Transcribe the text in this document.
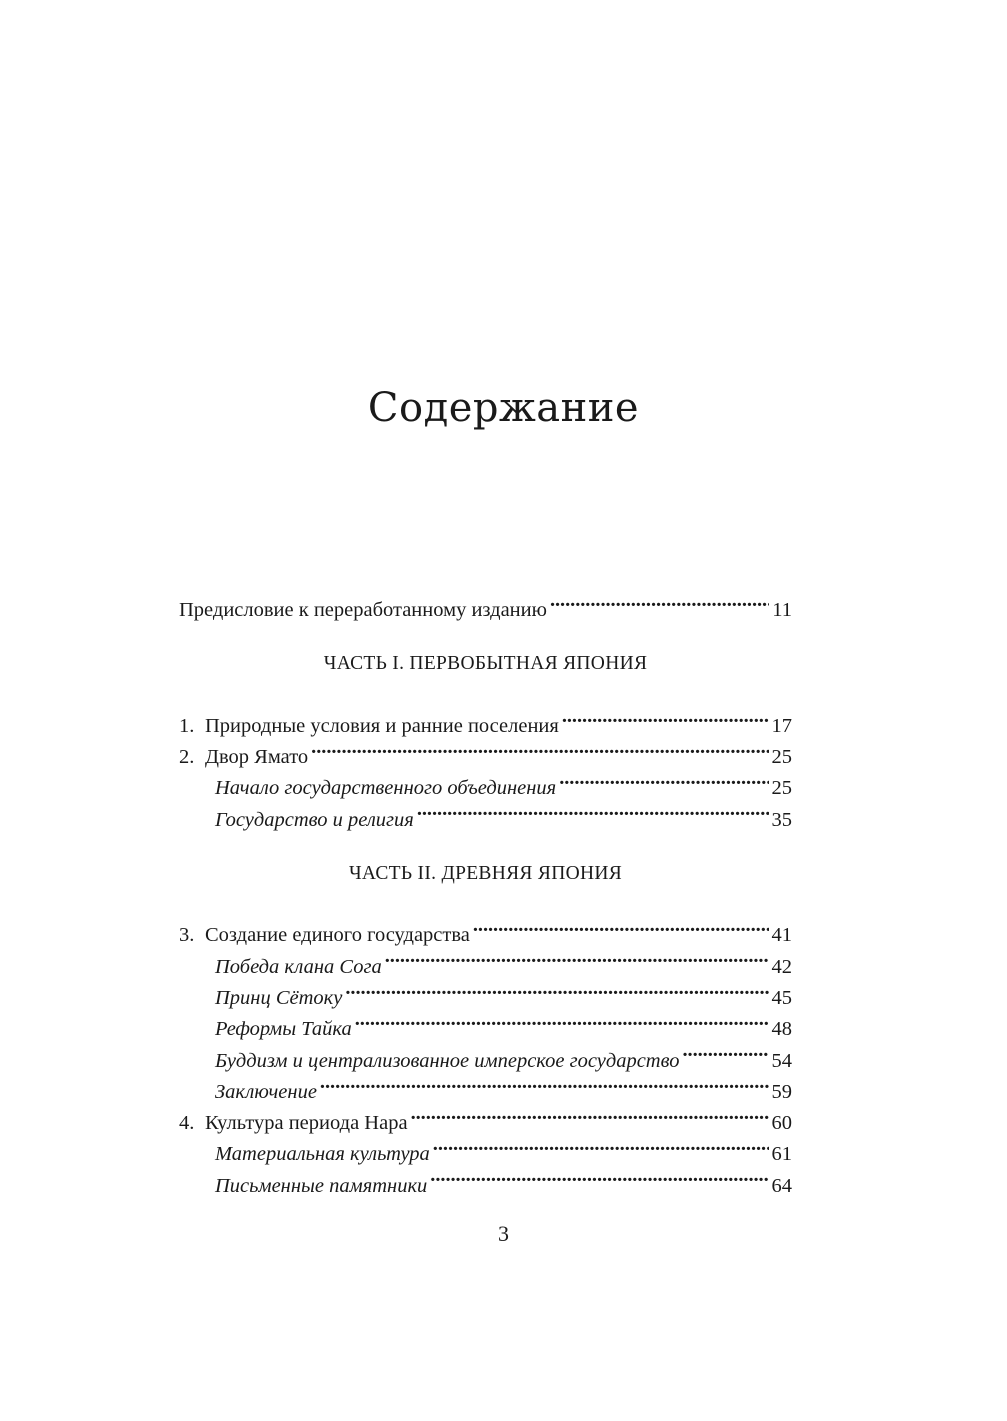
Содержание
Предисловие к переработанному изданию . . .	11
ЧАСТЬ I. ПЕРВОБЫТНАЯ ЯПОНИЯ
1. Природные условия и ранние поселения . . .	17
2. Двор Ямато . . .	25
Начало государственного объединения . . .	25
Государство и религия . . .	35
ЧАСТЬ II. ДРЕВНЯЯ ЯПОНИЯ
3. Создание единого государства . . .	41
Победа клана Сога . . .	42
Принц Сётоку . . .	45
Реформы Тайка . . .	48
Буддизм и централизованное имперское государство . . .	54
Заключение . . .	59
4. Культура периода Нара . . .	60
Материальная культура . . .	61
Письменные памятники . . .	64
3
